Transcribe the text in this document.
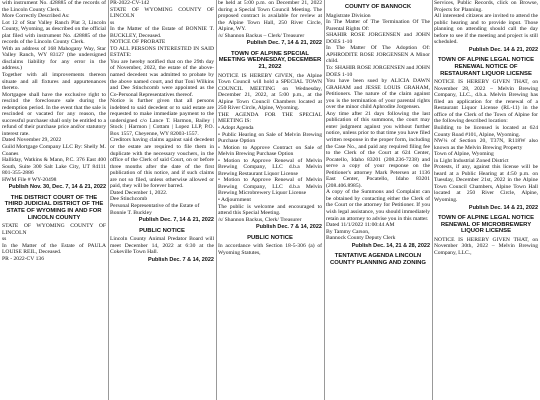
with instrument No. 428885 of the records of the Lincoln County Clerk.

More Correctly Described As:

Lot 12 of Star Valley Ranch Plat 3, Lincoln County, Wyoming, as described on the official plat filed with instrument No. 428885 of the records of the Lincoln County Clerk.

With an address of 168 Mahogany Way, Star Valley Ranch, WY 83127 (the undersigned disclaims liability for any error in the address.)

Together with all improvements thereon situate and all fixtures and appurtenances thereto.

Mortgagee shall have the exclusive right to rescind the foreclosure sale during the redemption period. In the event that the sale is rescinded or vacated for any reason, the successful purchaser shall only be entitled to a refund of their purchase price and/or statutory interest rate.

Dated November 29, 2022

Guild Mortgage Company LLC By: Shelly M. Coanes

Halliday, Watkins & Mann, P.C. 376 East 400 South, Suite 300 Salt Lake City, UT 84111 801-355-2886

HWM File # WY-20498

Publish Nov. 30, Dec. 7, 14 & 21, 2022

THE DISTRICT COURT OF THE THIRD JUDICIAL DISTRICT OF THE STATE OF WYOMING IN AND FOR LINCOLN COUNTY

STATE OF WYOMING COUNTY OF LINCOLN

ss

In the Matter of the Estate of PAULA LOUISE REIL, Deceased.

PR - 2022-CV 136

PR-2022-CV-142

STATE OF WYOMING COUNTY OF LINCOLN

ss

In the Matter of the Estate of BONNIE T. BUCKLEY, Deceased.

NOTICE OF PROBATE

TO ALL PERSONS INTERESTED IN SAID ESTATE:

You are hereby notified that on the 29th day of November, 2022, the estate of the above-named decedent was admitted to probate by the above named court, and that Toni Wilkins and Dee Stinchcomb were appointed as the Co-Personal Representatives thereof.

Notice is further given that all persons indebted to said decedent or to said estate are requested to make immediate payment to the undersigned c/o Lance T. Harmon, Bailey | Stock | Harmon | Cottam | Lopez LLP, P.O. Box 1557, Cheyenne, WY 82003-1557.

Creditors having claims against said decedent or the estate are required to file them in duplicate with the necessary vouchers, in the office of the Clerk of said Court, on or before three months after the date of the first publication of this notice, and if such claims are not so filed, unless otherwise allowed or paid, they will be forever barred.

Dated December 1, 2022.

Dee Stinchcomb

Personal Representative of the Estate of

Bonnie T. Buckley

Publish Dec. 7, 14 & 21, 2022

PUBLIC NOTICE

Lincoln County Animal Predator Board will meet December 14, 2022 at 6:30 at the Cokeville Town Hall.

Publish Dec. 7 & 14, 2022

be held at 5:00 p.m. on December 21, 2022 during a Special Town Council Meeting. The proposed contract is available for review at the Alpine Town Hall, 250 River Circle, Alpine, WY.

/s/ Shannon Backus – Clerk/ Treasurer

Publish Dec. 7, 14 & 21, 2022

TOWN OF ALPINE SPECIAL MEETING WEDNESDAY, DECEMBER 21, 2022

NOTICE IS HEREBY GIVEN, the Alpine Town Council will hold a SPECIAL TOWN COUNCIL MEETING on Wednesday, December 21, 2022, at 5:00 p.m., at the Alpine Town Council Chambers located at 250 River Circle, Alpine, Wyoming.

THE AGENDA FOR THE SPECIAL MEETING IS:

• Adopt Agenda

• Public Hearing on Sale of Melvin Brewing Purchase Option

• Motion to Approve Contract on Sale of Melvin Brewing Purchase Option

• Motion to Approve Renewal of Melvin Brewing Company, LLC d.b.a Melvin Brewing Restaurant Liquor License

• Motion to Approve Renewal of Melvin Brewing Company, LLC d.b.a Melvin Brewing Microbrewery Liquor License

• Adjournment

The public is welcome and encouraged to attend this Special Meeting.

/s/ Shannon Backus, Clerk/ Treasurer

Publish Dec. 7 & 14, 2022

PUBLIC NOTICE

In accordance with Section 18-5-306 (a) of Wyoming Statutes,

COUNTY OF BANNOCK

Magistrate Division

In The Matter of The Termination Of The Parental Rights Of:

SHAHIR ROSE JORGENSEN and JOHN DOES 1-10

In The Matter Of The Adoption Of: APHRODITE ROSE JORGENSEN A Minor child.

To: SHAHIR ROSE JORGENSEN and JOHN DOES 1-10

You have been sued by ALICIA DAWN GRAHAM and JESSE LOUIS GRAHAM, Petitioners. The nature of the claim against you is the termination of your parental rights over the minor child Aphrodite Jorgensen.

Any time after 21 days following the last publication of this summons, the court may enter judgment against you without further notice, unless prior to that time you have filed written response in the proper form, including the Case No., and paid any required filing fee to the Clerk of the Court at 624 Center, Pocatello, Idaho 83201 (208.236-7238) and serve a copy of your response on the Petitioner's attorney Mark Petersen at 1136 East Center, Pocatello, Idaho 83201 (208.406.8985).

A copy of the Summons and Complaint can be obtained by contacting either the Clerk of the Court or the attorney for Petitioner. If you wish legal assistance, you should immediately retain an attorney to advise you in this matter.

Dated 11/1/2022 11:00:44 AM

By Tammy Carson,

Bannock County Deputy Clerk

Publish Dec. 14, 21 & 28, 2022

TENTATIVE AGENDA LINCOLN COUNTY PLANNING AND ZONING

Services, Public Records, click on Browse, Projects for Planning.

All interested citizens are invited to attend the public hearing and to provide input. Those planning on attending should call the day before to see if the meeting and project is still scheduled.

Publish Dec. 14 & 21, 2022

TOWN OF ALPINE LEGAL NOTICE RENEWAL NOTICE OF RESTAURANT LIQUOR LICENSE

NOTICE IS HEREBY GIVEN THAT, on November 28, 2022 – Melvin Brewing Company, LLC., d.b.a. Melvin Brewing has filed an application for the renewal of a Restaurant Liquor License (RL-11) in the office of the Clerk of the Town of Alpine for the following described location:

Building to be licensed is located at 624 County Road #101, Alpine, Wyoming.

NW¼ of Section 20, T37N, R118W also known as the Melvin Brewing Property

Town of Alpine, Wyoming

in Light Industrial Zoned District

Protests, if any, against this license will be heard at a Public Hearing at 4:50 p.m. on Tuesday, December 21st, 2022 in the Alpine Town Council Chambers, Alpine Town Hall located at 250 River Circle, Alpine, Wyoming.

Publish Dec. 14 & 21, 2022

TOWN OF ALPINE LEGAL NOTICE RENEWAL OF MICROBREWERY LIQUOR LICENSE

NOTICE IS HEREBY GIVEN THAT, on November 30th, 2022 – Melvin Brewing Company, LLC.,
